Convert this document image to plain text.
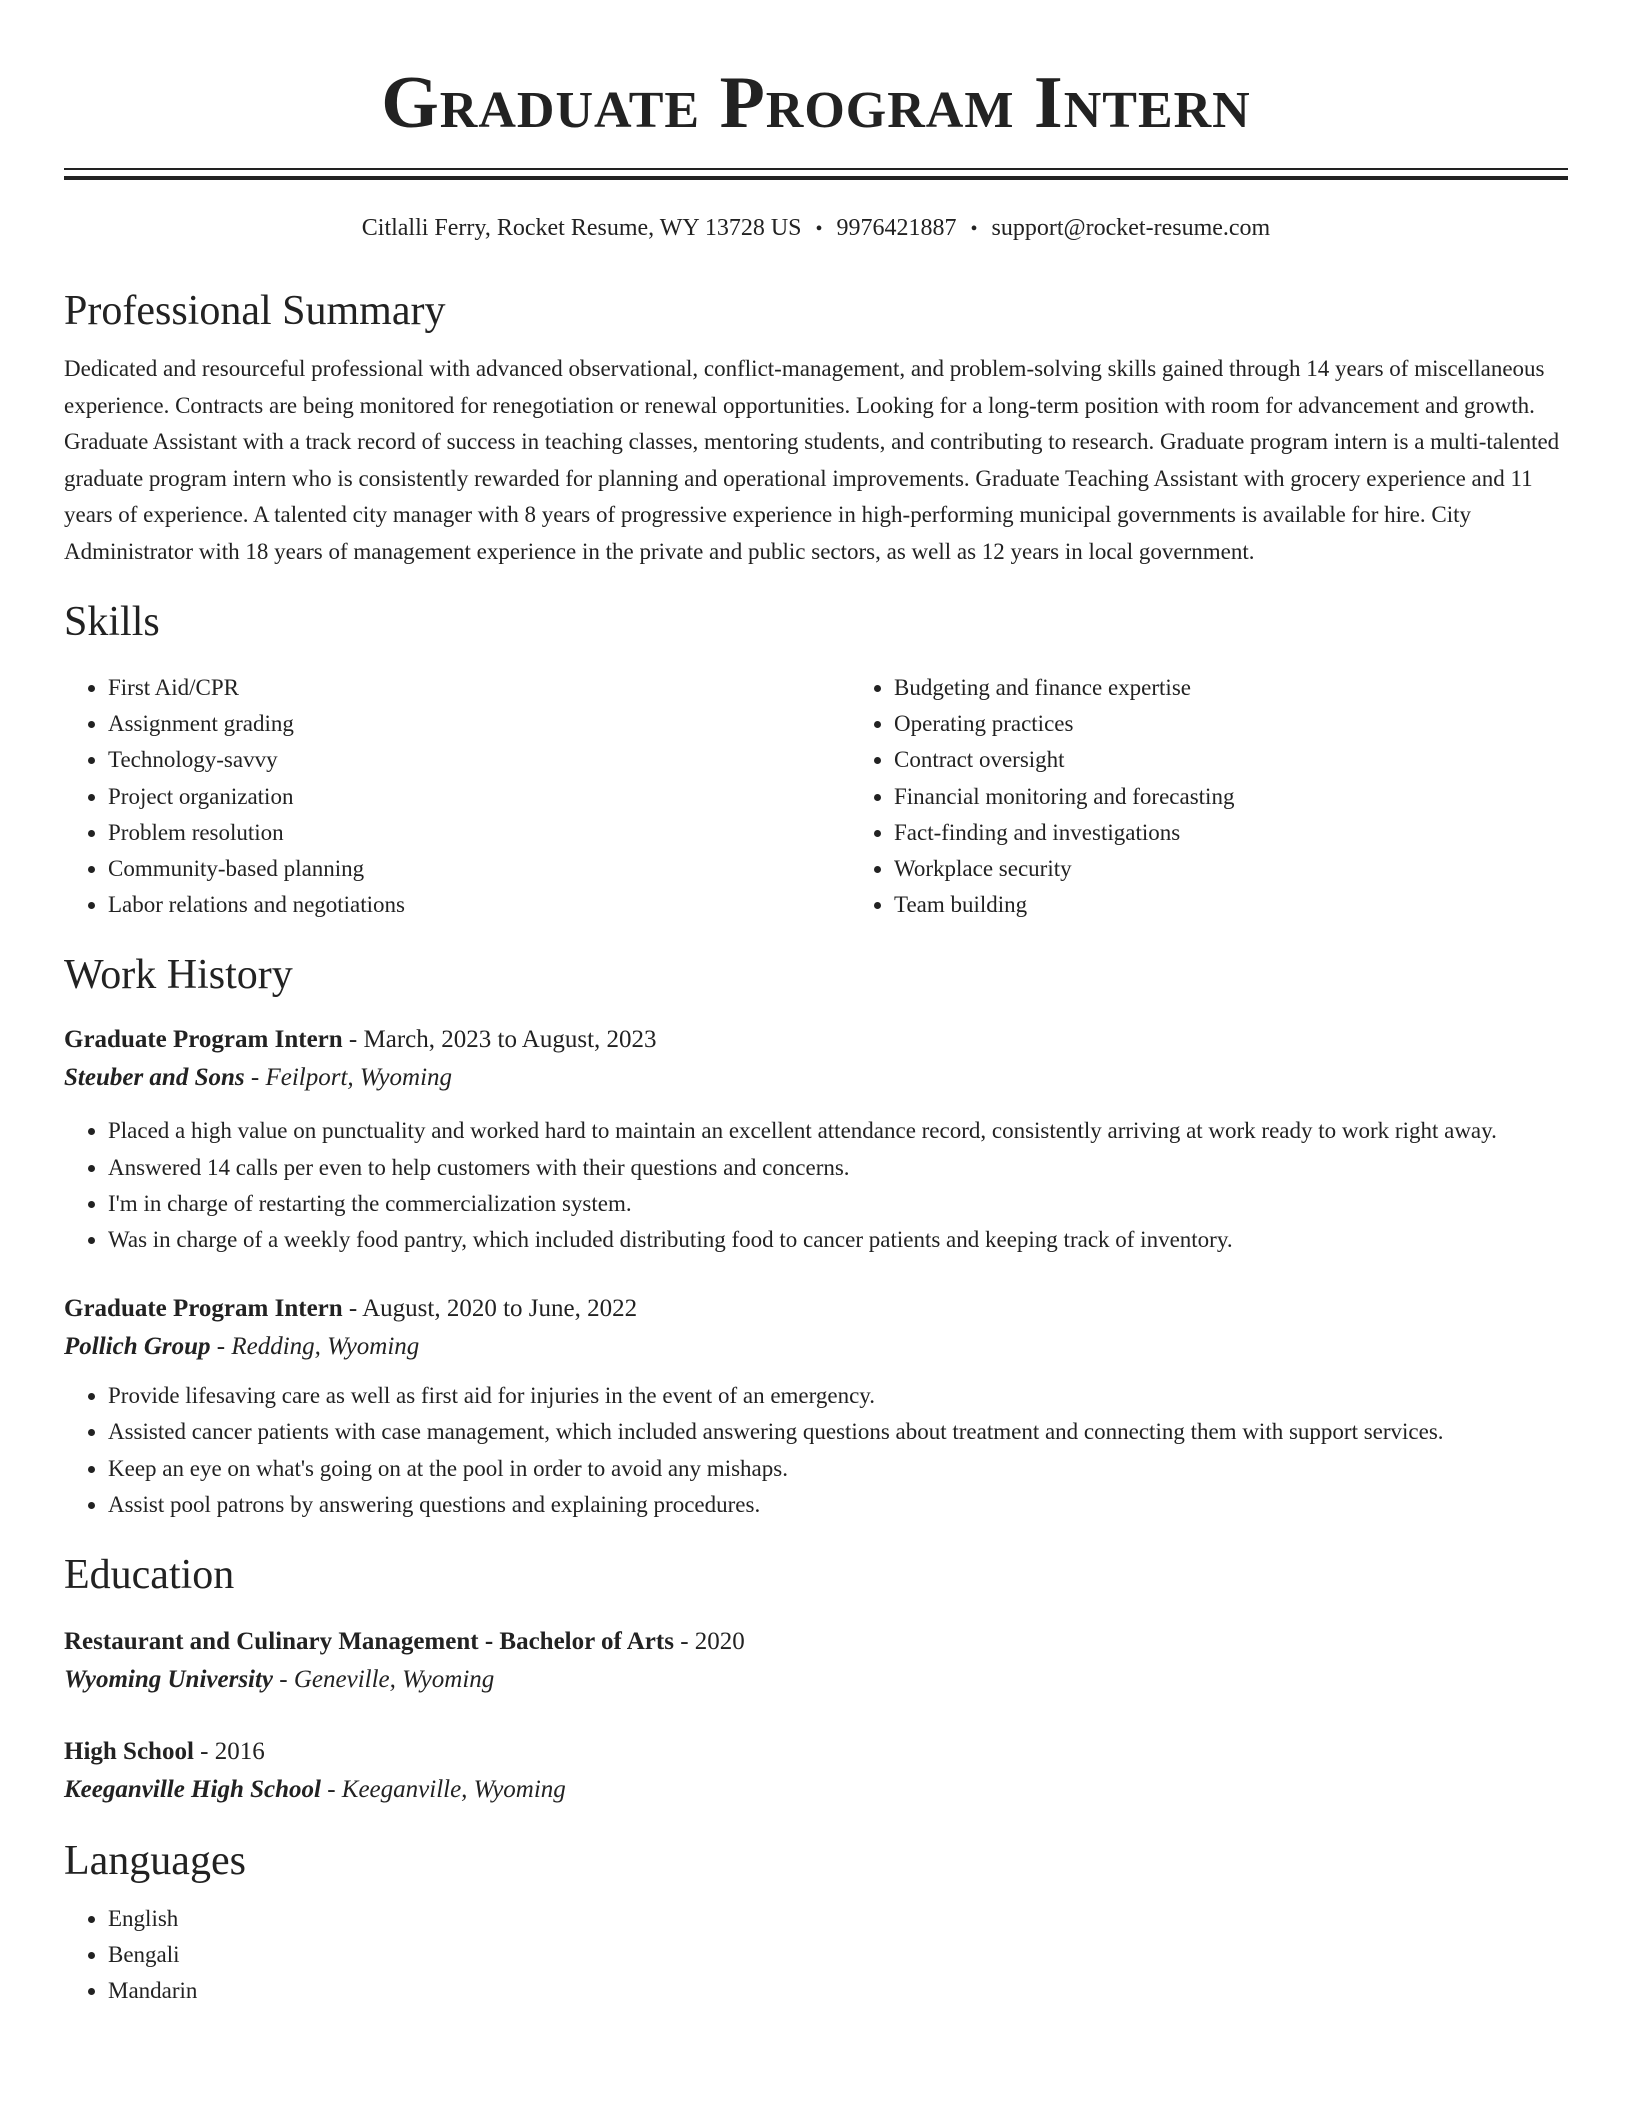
Graduate Program Intern
Citlalli Ferry, Rocket Resume, WY 13728 US • 9976421887 • support@rocket-resume.com
Professional Summary
Dedicated and resourceful professional with advanced observational, conflict-management, and problem-solving skills gained through 14 years of miscellaneous experience. Contracts are being monitored for renegotiation or renewal opportunities. Looking for a long-term position with room for advancement and growth. Graduate Assistant with a track record of success in teaching classes, mentoring students, and contributing to research. Graduate program intern is a multi-talented graduate program intern who is consistently rewarded for planning and operational improvements. Graduate Teaching Assistant with grocery experience and 11 years of experience. A talented city manager with 8 years of progressive experience in high-performing municipal governments is available for hire. City Administrator with 18 years of management experience in the private and public sectors, as well as 12 years in local government.
Skills
• First Aid/CPR
• Assignment grading
• Technology-savvy
• Project organization
• Problem resolution
• Community-based planning
• Labor relations and negotiations
• Budgeting and finance expertise
• Operating practices
• Contract oversight
• Financial monitoring and forecasting
• Fact-finding and investigations
• Workplace security
• Team building
Work History
Graduate Program Intern - March, 2023 to August, 2023
Steuber and Sons - Feilport, Wyoming
• Placed a high value on punctuality and worked hard to maintain an excellent attendance record, consistently arriving at work ready to work right away.
• Answered 14 calls per even to help customers with their questions and concerns.
• I'm in charge of restarting the commercialization system.
• Was in charge of a weekly food pantry, which included distributing food to cancer patients and keeping track of inventory.
Graduate Program Intern - August, 2020 to June, 2022
Pollich Group - Redding, Wyoming
• Provide lifesaving care as well as first aid for injuries in the event of an emergency.
• Assisted cancer patients with case management, which included answering questions about treatment and connecting them with support services.
• Keep an eye on what's going on at the pool in order to avoid any mishaps.
• Assist pool patrons by answering questions and explaining procedures.
Education
Restaurant and Culinary Management - Bachelor of Arts - 2020
Wyoming University - Geneville, Wyoming
High School - 2016
Keeganville High School - Keeganville, Wyoming
Languages
• English
• Bengali
• Mandarin
